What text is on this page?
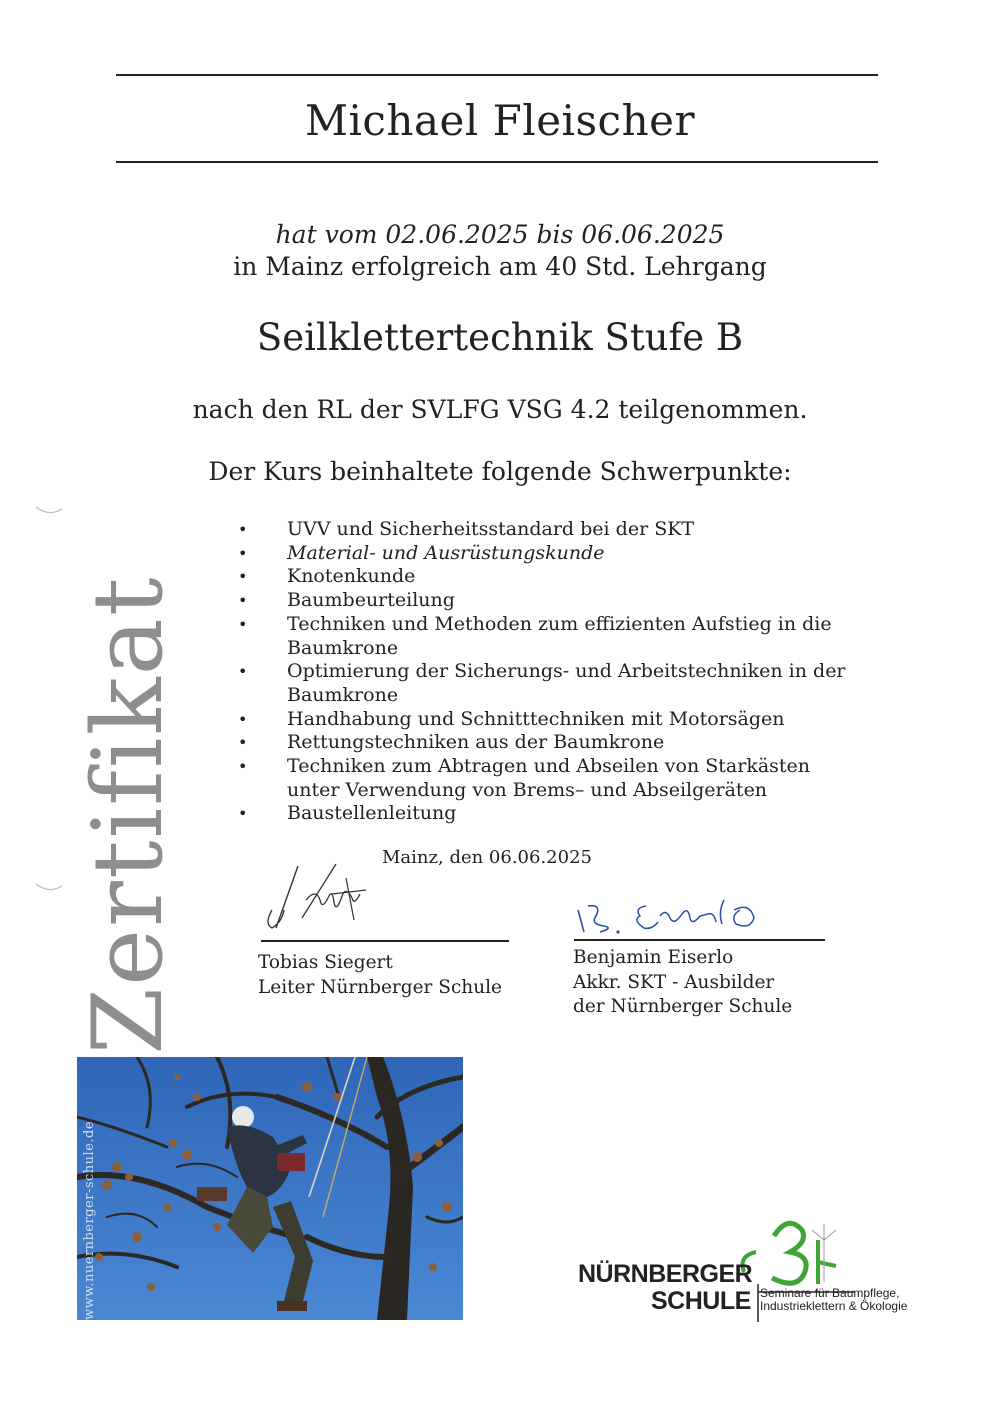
Michael Fleischer
hat vom 02.06.2025 bis 06.06.2025
in Mainz erfolgreich am 40 Std. Lehrgang
Seilklettertechnik Stufe B
nach den RL der SVLFG VSG 4.2 teilgenommen.
Der Kurs beinhaltete folgende Schwerpunkte:
• UVV und Sicherheitsstandard bei der SKT
• Material- und Ausrüstungskunde
• Knotenkunde
• Baumbeurteilung
• Techniken und Methoden zum effizienten Aufstieg in die Baumkrone
• Optimierung der Sicherungs- und Arbeitstechniken in der Baumkrone
• Handhabung und Schnitttechniken mit Motorsägen
• Rettungstechniken aus der Baumkrone
• Techniken zum Abtragen und Abseilen von Starkästen unter Verwendung von Brems– und Abseilgeräten
• Baustellenleitung
Zertifikat	Mainz, den 06.06.2025
Tobias Siegert
Leiter Nürnberger Schule
Benjamin Eiserlo
Akkr. SKT - Ausbilder
der Nürnberger Schule
www.nuernberger-schule.de	NÜRNBERGER
SCHULE Seminare für Baumpflege,
Industrieklettern & Ökologie
